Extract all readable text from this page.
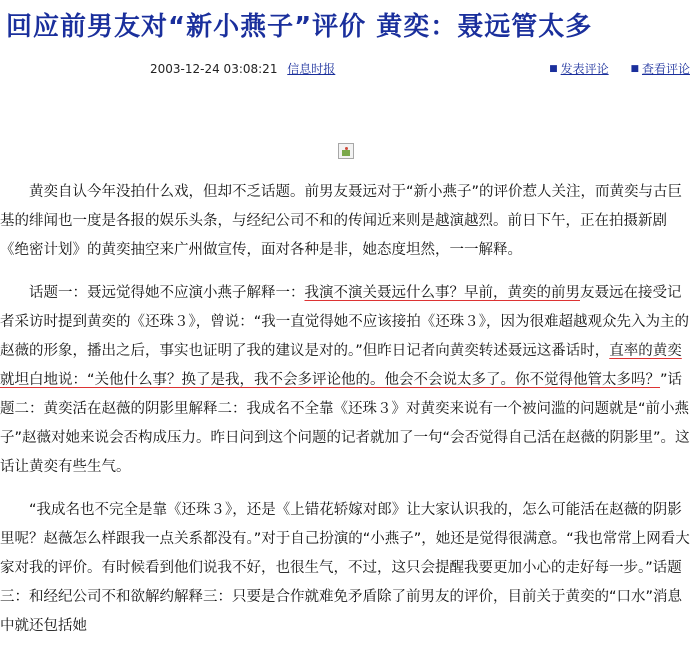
回应前男友对“新小燕子”评价 黄奕：聂远管太多
2003-12-24 03:08:21 信息时报	■ 发表评论 ■ 查看评论

黄奕自认今年没拍什么戏，但却不乏话题。前男友聂远对于“新小燕子”的评价惹人关注，而黄奕与古巨基的绯闻也一度是各报的娱乐头条，与经纪公司不和的传闻近来则是越演越烈。前日下午，正在拍摄新剧《绝密计划》的黄奕抽空来广州做宣传，面对各种是非，她态度坦然，一一解释。

话题一：聂远觉得她不应演小燕子解释一：我演不演关聂远什么事？早前，黄奕的前男友聂远在接受记者采访时提到黄奕的《还珠３》，曾说：“我一直觉得她不应该接拍《还珠３》，因为很难超越观众先入为主的赵薇的形象，播出之后，事实也证明了我的建议是对的。”但昨日记者向黄奕转述聂远这番话时，直率的黄奕就坦白地说：“关他什么事？换了是我，我不会多评论他的。他会不会说太多了。你不觉得他管太多吗？”话题二：黄奕活在赵薇的阴影里解释二：我成名不全靠《还珠３》对黄奕来说有一个被问滥的问题就是“前小燕子”赵薇对她来说会否构成压力。昨日问到这个问题的记者就加了一句“会否觉得自己活在赵薇的阴影里”。这话让黄奕有些生气。

“我成名也不完全是靠《还珠３》，还是《上错花轿嫁对郎》让大家认识我的，怎么可能活在赵薇的阴影里呢？赵薇怎么样跟我一点关系都没有。”对于自己扮演的“小燕子”，她还是觉得很满意。“我也常常上网看大家对我的评价。有时候看到他们说我不好，也很生气，不过，这只会提醒我要更加小心的走好每一步。”话题三：和经纪公司不和欲解约解释三：只要是合作就难免矛盾除了前男友的评价，目前关于黄奕的“口水”消息中就还包括她
